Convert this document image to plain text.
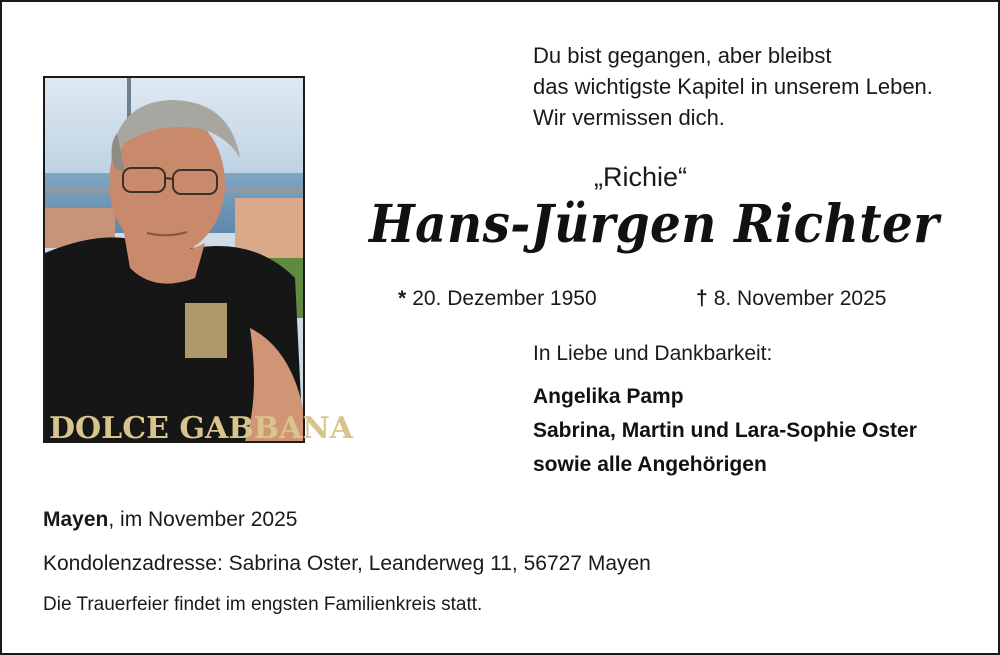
DOLCE GABBANA
Du bist gegangen, aber bleibst
das wichtigste Kapitel in unserem Leben.
Wir vermissen dich.
„Richie“
Hans-Jürgen Richter
* 20. Dezember 1950	† 8. November 2025
In Liebe und Dankbarkeit:
Angelika Pamp
Sabrina, Martin und Lara-Sophie Oster
sowie alle Angehörigen
Mayen, im November 2025
Kondolenzadresse: Sabrina Oster, Leanderweg 11, 56727 Mayen
Die Trauerfeier findet im engsten Familienkreis statt.
